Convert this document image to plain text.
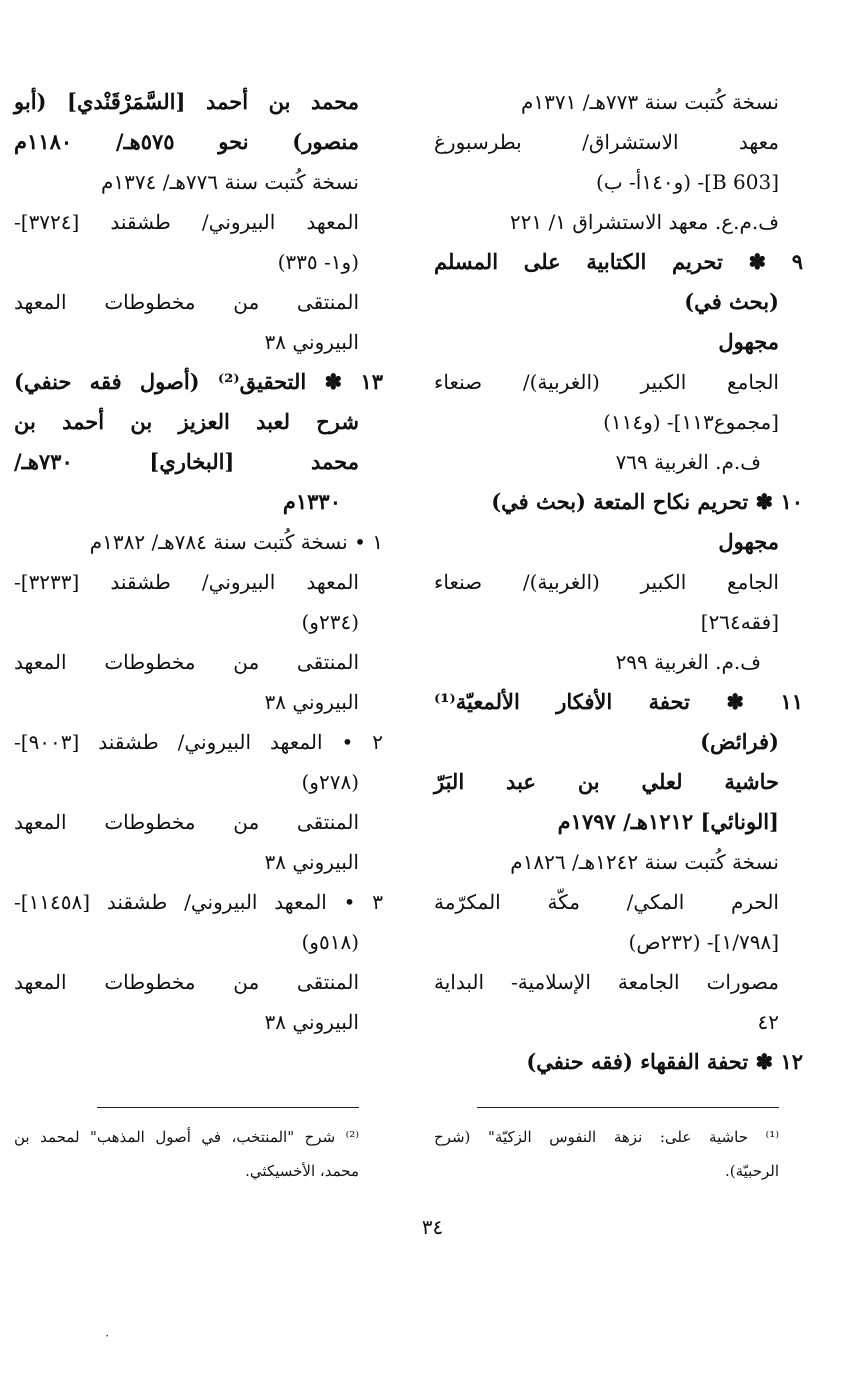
نسخة كُتبت سنة ٧٧٣هـ/ ١٣٧١م
معهد الاستشراق/ بطرسبورغ
[B 603]- (و١٤٠أ- ب)
ف.م.ع. معهد الاستشراق ١/ ٢٢١
٩ ✽ تحريم الكتابية على المسلم
(بحث في)
مجهول
الجامع الكبير (الغربية)/ صنعاء
[مجموع١١٣]- (و١١٤)
ف.م. الغربية ٧٦٩
١٠ ✽ تحريم نكاح المتعة (بحث في)
مجهول
الجامع الكبير (الغربية)/ صنعاء
[فقه٢٦٤]
ف.م. الغربية ٢٩٩
١١ ✽ تحفة الأفكار الألمعيّة⁽¹⁾
(فرائض)
حاشية لعلي بن عبد البَرّ
[الونائي] ١٢١٢هـ/ ١٧٩٧م
نسخة كُتبت سنة ١٢٤٢هـ/ ١٨٢٦م
الحرم المكي/ مكّة المكرّمة
[١/٧٩٨]- (٢٣٢ص)
مصورات الجامعة الإسلامية- البداية
٤٢
١٢ ✽ تحفة الفقهاء (فقه حنفي)
محمد بن أحمد [السَّمَرْقَنْدي] (أبو
منصور) نحو ٥٧٥هـ/ ١١٨٠م
نسخة كُتبت سنة ٧٧٦هـ/ ١٣٧٤م
المعهد البيروني/ طشقند [٣٧٢٤]-
(و١- ٣٣٥)
المنتقى من مخطوطات المعهد
البيروني ٣٨
١٣ ✽ التحقيق⁽²⁾ (أصول فقه حنفي)
شرح لعبد العزيز بن أحمد بن
محمد [البخاري] ٧٣٠هـ/
١٣٣٠م
١ • نسخة كُتبت سنة ٧٨٤هـ/ ١٣٨٢م
المعهد البيروني/ طشقند [٣٢٣٣]-
(٢٣٤و)
المنتقى من مخطوطات المعهد
البيروني ٣٨
٢ • المعهد البيروني/ طشقند [٩٠٠٣]-
(٢٧٨و)
المنتقى من مخطوطات المعهد
البيروني ٣٨
٣ • المعهد البيروني/ طشقند [١١٤٥٨]-
(٥١٨و)
المنتقى من مخطوطات المعهد
البيروني ٣٨
⁽¹⁾ حاشية على: نزهة النفوس الزكيّة" (شرح
الرحبيّة).
⁽²⁾ شرح "المنتخب، في أصول المذهب" لمحمد بن
محمد، الأخسيكثي.
٣٤
٠
